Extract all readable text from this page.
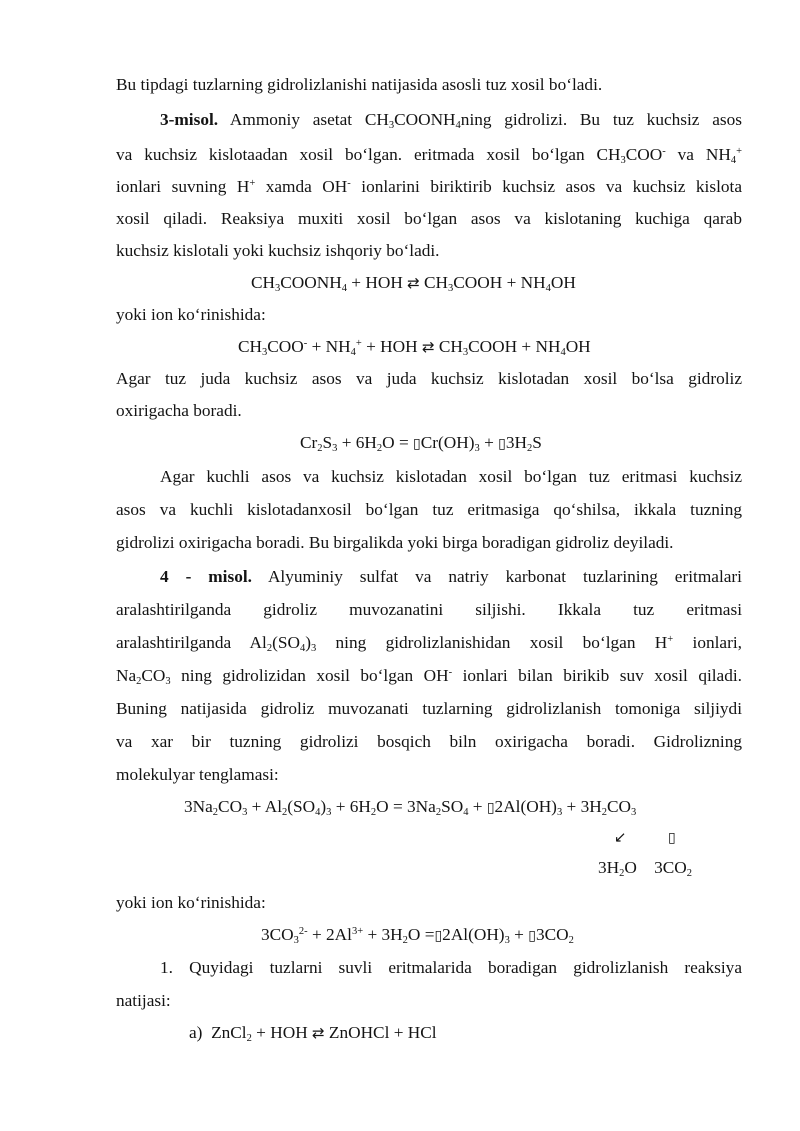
Bu tipdagi tuzlarning gidrolizlanishi natijasida asosli tuz xosil bo‘ladi.
3-misol. Ammoniy asetat $CH_3COONH_4ning$ gidrolizi. Bu tuz kuchsiz asos
va kuchsiz kislotaadan xosil bo‘lgan. eritmada xosil bo‘lgan $CH_3COO^-$ va $NH_4^+$
ionlari suvning H+ xamda OH- ionlarini biriktirib kuchsiz asos va kuchsiz kislota
xosil qiladi. Reaksiya muxiti xosil bo‘lgan asos va kislotaning kuchiga qarab
kuchsiz kislotali yoki kuchsiz ishqoriy bo‘ladi.
$CH_3COONH_4$ + HOH ⇄ $CH_3COOH + NH_4OH$
yoki ion ko‘rinishida:
$CH_3COO^- + NH_4^+$ + HOH ⇄ $CH_3COOH + NH_4OH$
Agar tuz juda kuchsiz asos va juda kuchsiz kislotadan xosil bo‘lsa gidroliz
oxirigacha boradi.
$Cr_2S_3 + 6H_2O$ = $▯Cr(OH)_3$ + $▯3H_2S$
Agar kuchli asos va kuchsiz kislotadan xosil bo‘lgan tuz eritmasi kuchsiz
asos va kuchli kislotadanxosil bo‘lgan tuz eritmasiga qo‘shilsa, ikkala tuzning
gidrolizi oxirigacha boradi. Bu birgalikda yoki birga boradigan gidroliz deyiladi.
4 - misol. Alyuminiy sulfat va natriy karbonat tuzlarining eritmalari
aralashtirilganda gidroliz muvozanatini siljishi. Ikkala tuz eritmasi
aralashtirilganda $Al_2(SO_4)_3$ ning gidrolizlanishidan xosil bo‘lgan H+ ionlari,
$Na_2CO_3$ ning gidrolizidan xosil bo‘lgan OH- ionlari bilan birikib suv xosil qiladi.
Buning natijasida gidroliz muvozanati tuzlarning gidrolizlanish tomoniga siljiydi
va xar bir tuzning gidrolizi bosqich biln oxirigacha boradi. Gidrolizning
molekulyar tenglamasi:
$3Na_2CO_3 + Al_2(SO_4)_3 + 6H_2O = 3Na_2SO_4$ + $▯2Al(OH)_3 + 3H_2CO_3$
↙	▯
$3H_2O$    $3CO_2$
yoki ion ko‘rinishida:
$3CO_3^{2-} + 2Al^{3+} + 3H_2O$ $=▯2Al(OH)_3$ + $▯3CO_2$
1. Quyidagi tuzlarni suvli eritmalarida boradigan gidrolizlanish reaksiya
natijasi:
a)  ZnCl$_2$ + HOH ⇄ ZnOHCl + HCl
